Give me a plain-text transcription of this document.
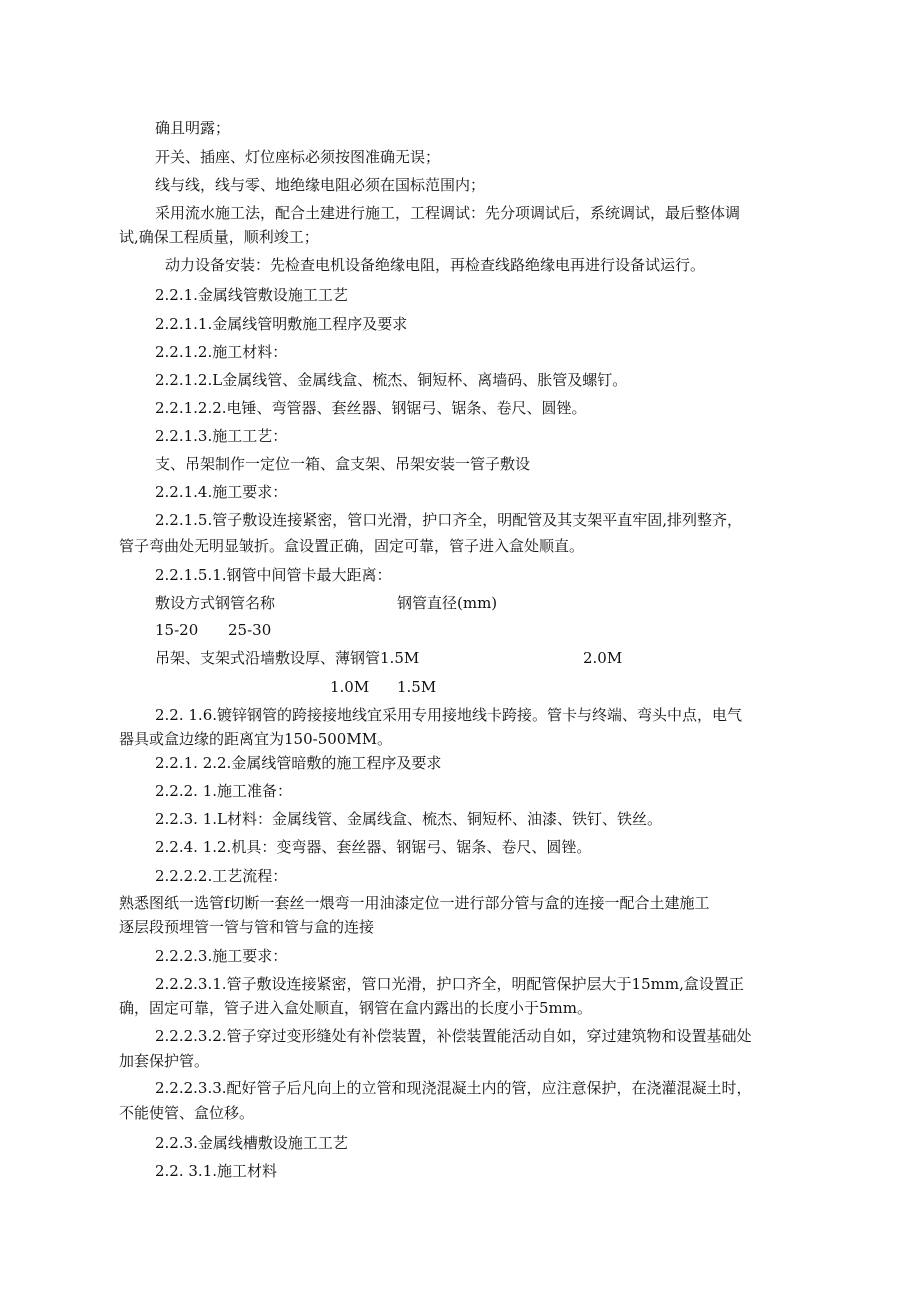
确且明露；
开关、插座、灯位座标必须按图准确无误；
线与线，线与零、地绝缘电阻必须在国标范围内；
采用流水施工法，配合土建进行施工，工程调试：先分项调试后，系统调试，最后整体调
试,确保工程质量，顺利竣工；
动力设备安装：先检查电机设备绝缘电阻，再检查线路绝缘电再进行设备试运行。
2.2.1.金属线管敷设施工工艺
2.2.1.1.金属线管明敷施工程序及要求
2.2.1.2.施工材料：
2.2.1.2.L金属线管、金属线盒、梳杰、铜短杯、离墙码、胀管及螺钉。
2.2.1.2.2.电锤、弯管器、套丝器、钢锯弓、锯条、卷尺、圆锉。
2.2.1.3.施工工艺：
支、吊架制作一定位一箱、盒支架、吊架安装一管子敷设
2.2.1.4.施工要求：
2.2.1.5.管子敷设连接紧密，管口光滑，护口齐全，明配管及其支架平直牢固,排列整齐，
管子弯曲处无明显皱折。盒设置正确，固定可靠，管子进入盒处顺直。
2.2.1.5.1.钢管中间管卡最大距离：
敷设方式钢管名称	钢管直径(mm)
15-20 25-30
吊架、支架式沿墙敷设厚、薄钢管1.5M	2.0M
1.0M 1.5M
2.2. 1.6.镀锌钢管的跨接接地线宜采用专用接地线卡跨接。管卡与终端、弯头中点，电气
器具或盒边缘的距离宜为150-500MM。
2.2.1. 2.2.金属线管暗敷的施工程序及要求
2.2.2. 1.施工准备：
2.2.3. 1.L材料：金属线管、金属线盒、梳杰、铜短杯、油漆、铁钉、铁丝。
2.2.4. 1.2.机具：变弯器、套丝器、钢锯弓、锯条、卷尺、圆锉。
2.2.2.2.工艺流程：
熟悉图纸一选管f切断一套丝一煨弯一用油漆定位一进行部分管与盒的连接一配合土建施工
逐层段预埋管一管与管和管与盒的连接
2.2.2.3.施工要求：
2.2.2.3.1.管子敷设连接紧密，管口光滑，护口齐全，明配管保护层大于15mm,盒设置正
确，固定可靠，管子进入盒处顺直，钢管在盒内露出的长度小于5mm。
2.2.2.3.2.管子穿过变形缝处有补偿装置，补偿装置能活动自如，穿过建筑物和设置基础处
加套保护管。
2.2.2.3.3.配好管子后凡向上的立管和现浇混凝土内的管，应注意保护，在浇灌混凝土时，
不能使管、盒位移。
2.2.3.金属线槽敷设施工工艺
2.2. 3.1.施工材料
